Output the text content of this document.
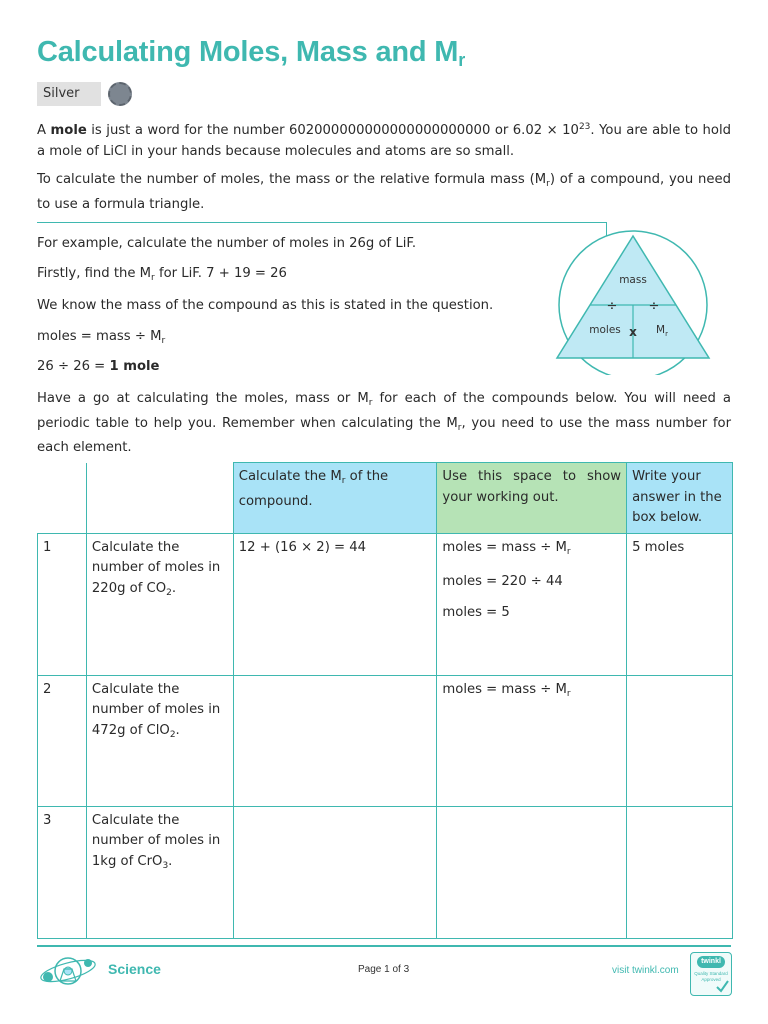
Calculating Moles, Mass and $M_r$
Silver
A mole is just a word for the number 602000000000000000000000 or $6.02 \times 10^{23}$. You are able to hold a mole of LiCl in your hands because molecules and atoms are so small.
To calculate the number of moles, the mass or the relative formula mass $(M_r)$ of a compound, you need to use a formula triangle.
For example, calculate the number of moles in 26g of LiF.
Firstly, find the $M_r$ for LiF. 7 + 19 = 26
We know the mass of the compound as this is stated in the question.
moles = mass ÷ $M_r$
26 ÷ 26 = 1 mole
mass
÷ ÷
moles x $M_r$
Have a go at calculating the moles, mass or $M_r$ for each of the compounds below. You will need a periodic table to help you. Remember when calculating the $M_r$, you need to use the mass number for each element.
		Calculate the $M_r$ of the compound.	Use this space to show your working out.	Write your answer in the box below.
1	Calculate the number of moles in 220g of $CO_2$.	12 + (16 × 2) = 44	moles = mass ÷ $M_r$
moles = 220 ÷ 44
moles = 5	5 moles
2	Calculate the number of moles in 472g of ClO$_2$.		moles = mass ÷ $M_r$

3	Calculate the number of moles in 1kg of CrO$_3$.			
Science	Page 1 of 3	visit twinkl.com
twinkl
Quality Standard Approved
